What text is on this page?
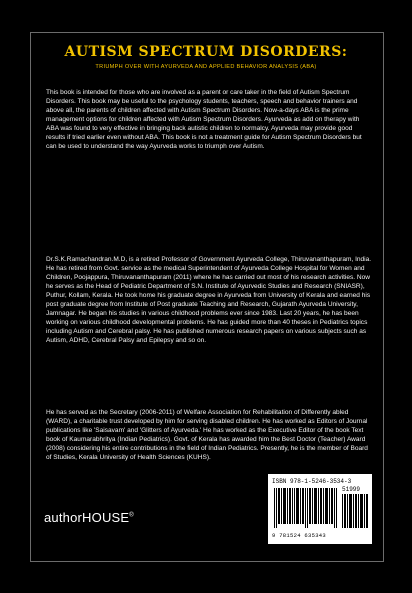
AUTISM SPECTRUM DISORDERS:
TRIUMPH OVER WITH AYURVEDA AND APPLIED BEHAVIOR ANALYSIS (ABA)
This book is intended for those who are involved as a parent or care taker in the field of Autism Spectrum Disorders. This book may be useful to the psychology students, teachers, speech and behavior trainers and above all, the parents of children affected with Autism Spectrum Disorders. Now-a-days ABA is the prime management options for children affected with Autism Spectrum Disorders. Ayurveda as add on therapy with ABA was found to very effective in bringing back autistic children to normalcy. Ayurveda may provide good results if tried earlier even without ABA. This book is not a treatment guide for Autism Spectrum Disorders but can be used to understand the way Ayurveda works to triumph over Autism.
Dr.S.K.Ramachandran.M.D, is a retired Professor of Government Ayurveda College, Thiruvananthapuram, India. He has retired from Govt. service as the medical Superintendent of Ayurveda College Hospital for Women and Children, Poojappura, Thiruvananthapuram (2011) where he has carried out most of his research activities. Now he serves as the Head of Pediatric Department of S.N. Institute of Ayurvedic Studies and Research (SNIASR), Puthur, Kollam, Kerala. He took home his graduate degree in Ayurveda from University of Kerala and earned his post graduate degree from Institute of Post graduate Teaching and Research, Gujarath Ayurveda University, Jamnagar. He began his studies in various childhood problems ever since 1983. Last 20 years, he has been working on various childhood developmental problems. He has guided more than 40 theses in Pediatrics topics including Autism and Cerebral palsy. He has published numerous research papers on various subjects such as Autism, ADHD, Cerebral Palsy and Epilepsy and so on.
He has served as the Secretary (2006-2011) of Welfare Association for Rehabilitation of Differently abled (WARD), a charitable trust developed by him for serving disabled children. He has worked as Editors of Journal publications like 'Saisavam' and 'Glitters of Ayurveda.' He has worked as the Executive Editor of the book Text book of Kaumarabhritya (Indian Pediatrics). Govt. of Kerala has awarded him the Best Doctor (Teacher) Award (2008) considering his entire contributions in the field of Indian Pediatrics. Presently, he is the member of Board of Studies, Kerala University of Health Sciences (KUHS).
authorHOUSE®
ISBN 978-1-5246-3534-3
51999
9 781524 635343
